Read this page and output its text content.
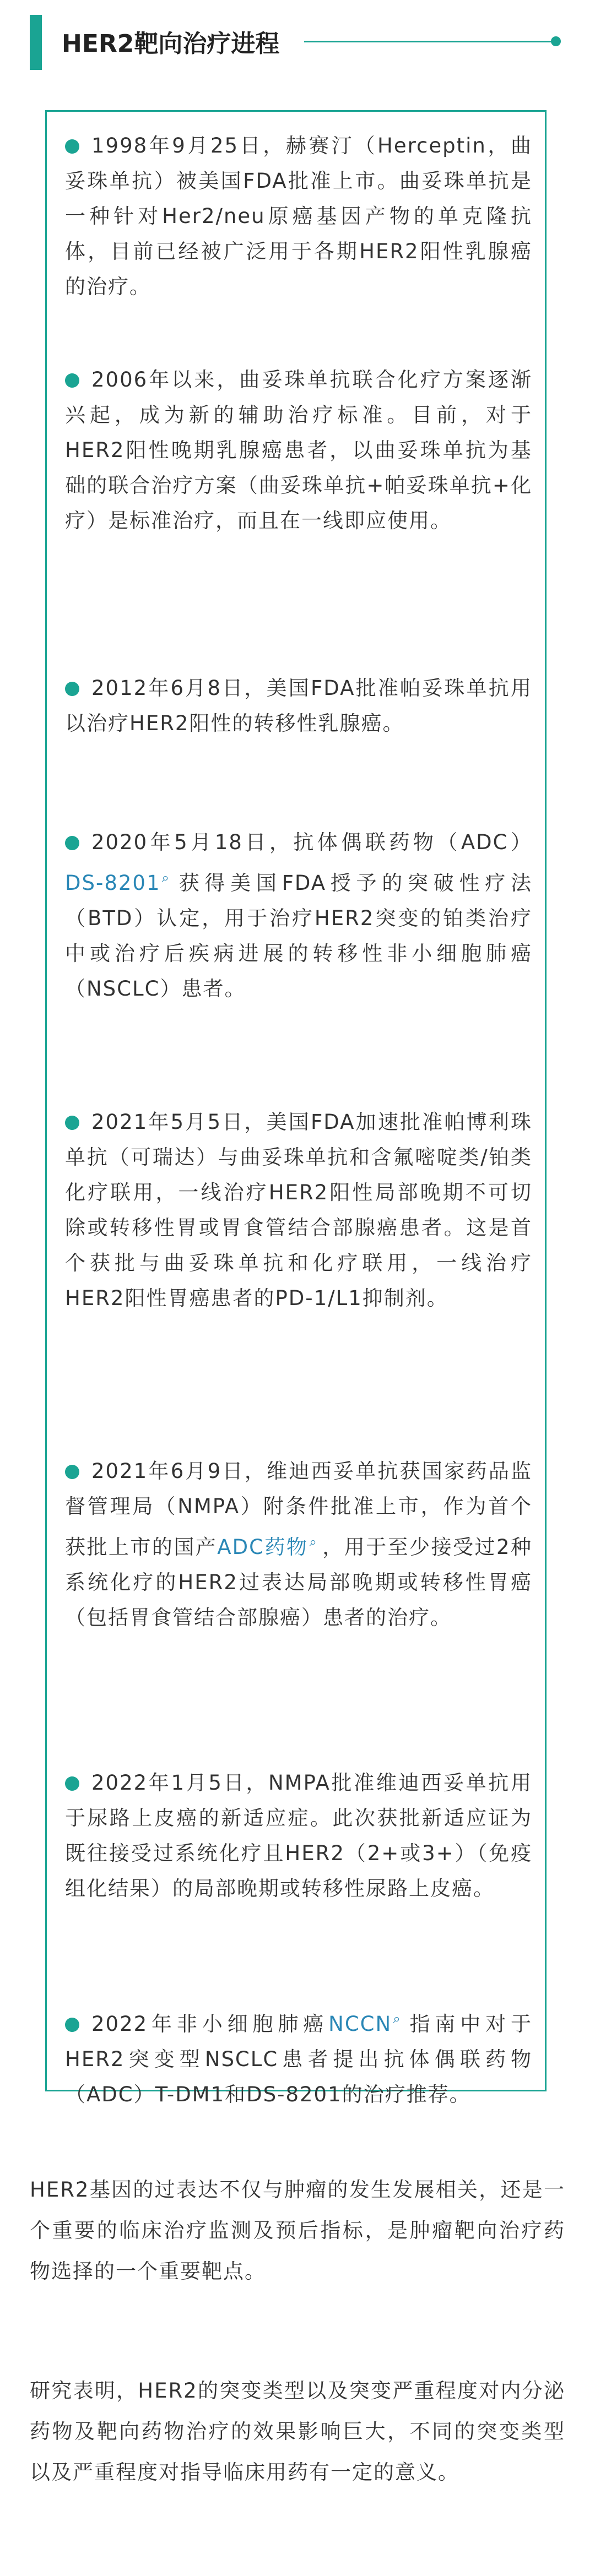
HER2靶向治疗进程

1998年9月25日，赫赛汀（Herceptin，曲妥珠单抗）被美国FDA批准上市。曲妥珠单抗是一种针对Her2/neu原癌基因产物的单克隆抗体，目前已经被广泛用于各期HER2阳性乳腺癌的治疗。

2006年以来，曲妥珠单抗联合化疗方案逐渐兴起，成为新的辅助治疗标准。目前，对于HER2阳性晚期乳腺癌患者，以曲妥珠单抗为基础的联合治疗方案（曲妥珠单抗+帕妥珠单抗+化疗）是标准治疗，而且在一线即应使用。

2012年6月8日，美国FDA批准帕妥珠单抗用以治疗HER2阳性的转移性乳腺癌。

2020年5月18日，抗体偶联药物（ADC）DS-8201⌕ 获得美国FDA授予的突破性疗法（BTD）认定，用于治疗HER2突变的铂类治疗中或治疗后疾病进展的转移性非小细胞肺癌（NSCLC）患者。

2021年5月5日，美国FDA加速批准帕博利珠单抗（可瑞达）与曲妥珠单抗和含氟嘧啶类/铂类化疗联用，一线治疗HER2阳性局部晚期不可切除或转移性胃或胃食管结合部腺癌患者。这是首个获批与曲妥珠单抗和化疗联用，一线治疗HER2阳性胃癌患者的PD-1/L1抑制剂。

2021年6月9日，维迪西妥单抗获国家药品监督管理局（NMPA）附条件批准上市，作为首个获批上市的国产ADC药物⌕ ，用于至少接受过2种系统化疗的HER2过表达局部晚期或转移性胃癌（包括胃食管结合部腺癌）患者的治疗。

2022年1月5日，NMPA批准维迪西妥单抗用于尿路上皮癌的新适应症。此次获批新适应证为既往接受过系统化疗且HER2（2+或3+）（免疫组化结果）的局部晚期或转移性尿路上皮癌。

2022年非小细胞肺癌NCCN⌕ 指南中对于HER2突变型NSCLC患者提出抗体偶联药物（ADC）T-DM1和DS-8201的治疗推荐。

HER2基因的过表达不仅与肿瘤的发生发展相关，还是一个重要的临床治疗监测及预后指标，是肿瘤靶向治疗药物选择的一个重要靶点。

研究表明，HER2的突变类型以及突变严重程度对内分泌药物及靶向药物治疗的效果影响巨大，不同的突变类型以及严重程度对指导临床用药有一定的意义。
